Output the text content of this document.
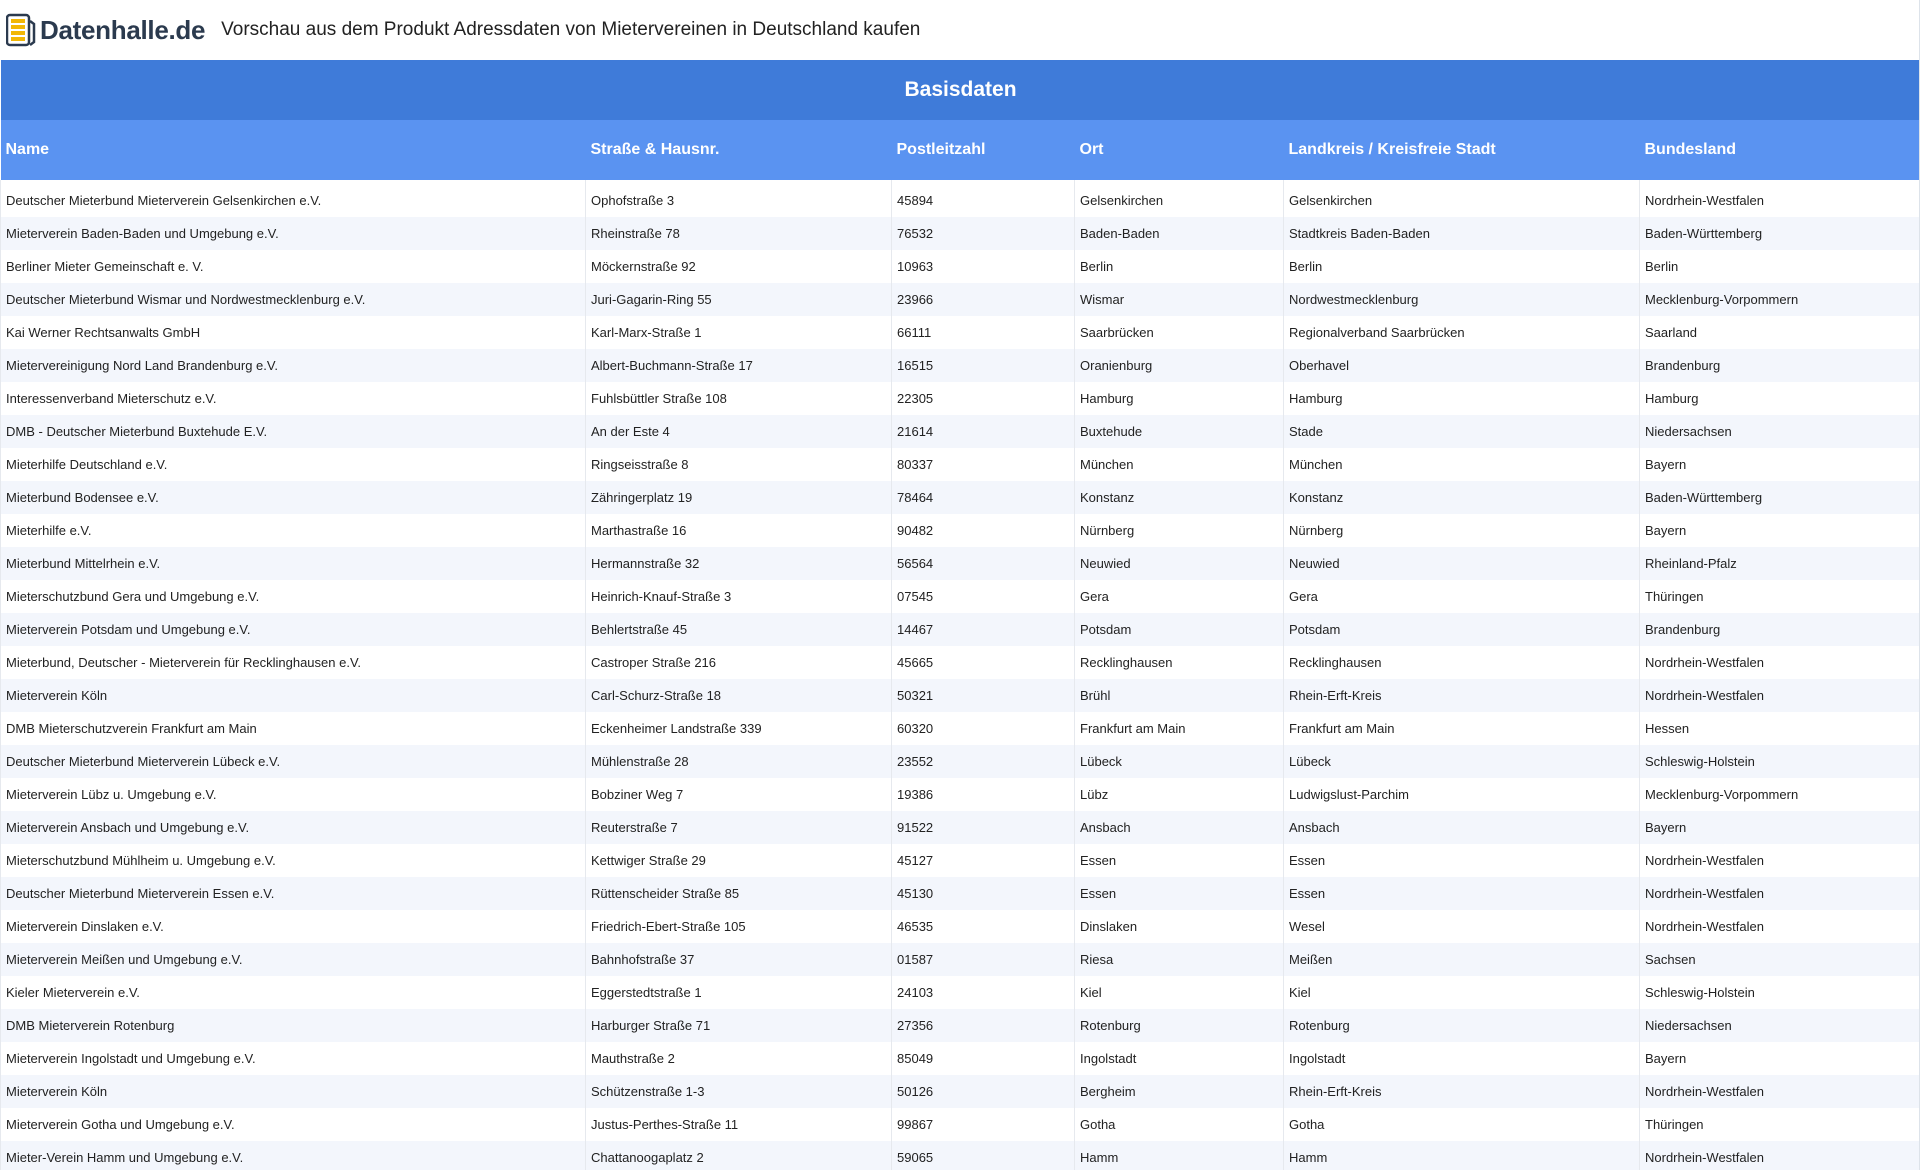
Datenhalle.de Vorschau aus dem Produkt Adressdaten von Mietervereinen in Deutschland kaufen
Basisdaten					
Name	Straße & Hausnr.	Postleitzahl	Ort	Landkreis / Kreisfreie Stadt	Bundesland
Deutscher Mieterbund Mieterverein Gelsenkirchen e.V.	Ophofstraße 3	45894	Gelsenkirchen	Gelsenkirchen	Nordrhein-Westfalen
Mieterverein Baden-Baden und Umgebung e.V.	Rheinstraße 78	76532	Baden-Baden	Stadtkreis Baden-Baden	Baden-Württemberg
Berliner Mieter Gemeinschaft e. V.	Möckernstraße 92	10963	Berlin	Berlin	Berlin
Deutscher Mieterbund Wismar und Nordwestmecklenburg e.V.	Juri-Gagarin-Ring 55	23966	Wismar	Nordwestmecklenburg	Mecklenburg-Vorpommern
Kai Werner Rechtsanwalts GmbH	Karl-Marx-Straße 1	66111	Saarbrücken	Regionalverband Saarbrücken	Saarland
Mietervereinigung Nord Land Brandenburg e.V.	Albert-Buchmann-Straße 17	16515	Oranienburg	Oberhavel	Brandenburg
Interessenverband Mieterschutz e.V.	Fuhlsbüttler Straße 108	22305	Hamburg	Hamburg	Hamburg
DMB - Deutscher Mieterbund Buxtehude E.V.	An der Este 4	21614	Buxtehude	Stade	Niedersachsen
Mieterhilfe Deutschland e.V.	Ringseisstraße 8	80337	München	München	Bayern
Mieterbund Bodensee e.V.	Zähringerplatz 19	78464	Konstanz	Konstanz	Baden-Württemberg
Mieterhilfe e.V.	Marthastraße 16	90482	Nürnberg	Nürnberg	Bayern
Mieterbund Mittelrhein e.V.	Hermannstraße 32	56564	Neuwied	Neuwied	Rheinland-Pfalz
Mieterschutzbund Gera und Umgebung e.V.	Heinrich-Knauf-Straße 3	07545	Gera	Gera	Thüringen
Mieterverein Potsdam und Umgebung e.V.	Behlertstraße 45	14467	Potsdam	Potsdam	Brandenburg
Mieterbund, Deutscher - Mieterverein für Recklinghausen e.V.	Castroper Straße 216	45665	Recklinghausen	Recklinghausen	Nordrhein-Westfalen
Mieterverein Köln	Carl-Schurz-Straße 18	50321	Brühl	Rhein-Erft-Kreis	Nordrhein-Westfalen
DMB Mieterschutzverein Frankfurt am Main	Eckenheimer Landstraße 339	60320	Frankfurt am Main	Frankfurt am Main	Hessen
Deutscher Mieterbund Mieterverein Lübeck e.V.	Mühlenstraße 28	23552	Lübeck	Lübeck	Schleswig-Holstein
Mieterverein Lübz u. Umgebung e.V.	Bobziner Weg 7	19386	Lübz	Ludwigslust-Parchim	Mecklenburg-Vorpommern
Mieterverein Ansbach und Umgebung e.V.	Reuterstraße 7	91522	Ansbach	Ansbach	Bayern
Mieterschutzbund Mühlheim u. Umgebung e.V.	Kettwiger Straße 29	45127	Essen	Essen	Nordrhein-Westfalen
Deutscher Mieterbund Mieterverein Essen e.V.	Rüttenscheider Straße 85	45130	Essen	Essen	Nordrhein-Westfalen
Mieterverein Dinslaken e.V.	Friedrich-Ebert-Straße 105	46535	Dinslaken	Wesel	Nordrhein-Westfalen
Mieterverein Meißen und Umgebung e.V.	Bahnhofstraße 37	01587	Riesa	Meißen	Sachsen
Kieler Mieterverein e.V.	Eggerstedtstraße 1	24103	Kiel	Kiel	Schleswig-Holstein
DMB Mieterverein Rotenburg	Harburger Straße 71	27356	Rotenburg	Rotenburg	Niedersachsen
Mieterverein Ingolstadt und Umgebung e.V.	Mauthstraße 2	85049	Ingolstadt	Ingolstadt	Bayern
Mieterverein Köln	Schützenstraße 1-3	50126	Bergheim	Rhein-Erft-Kreis	Nordrhein-Westfalen
Mieterverein Gotha und Umgebung e.V.	Justus-Perthes-Straße 11	99867	Gotha	Gotha	Thüringen
Mieter-Verein Hamm und Umgebung e.V.	Chattanoogaplatz 2	59065	Hamm	Hamm	Nordrhein-Westfalen
